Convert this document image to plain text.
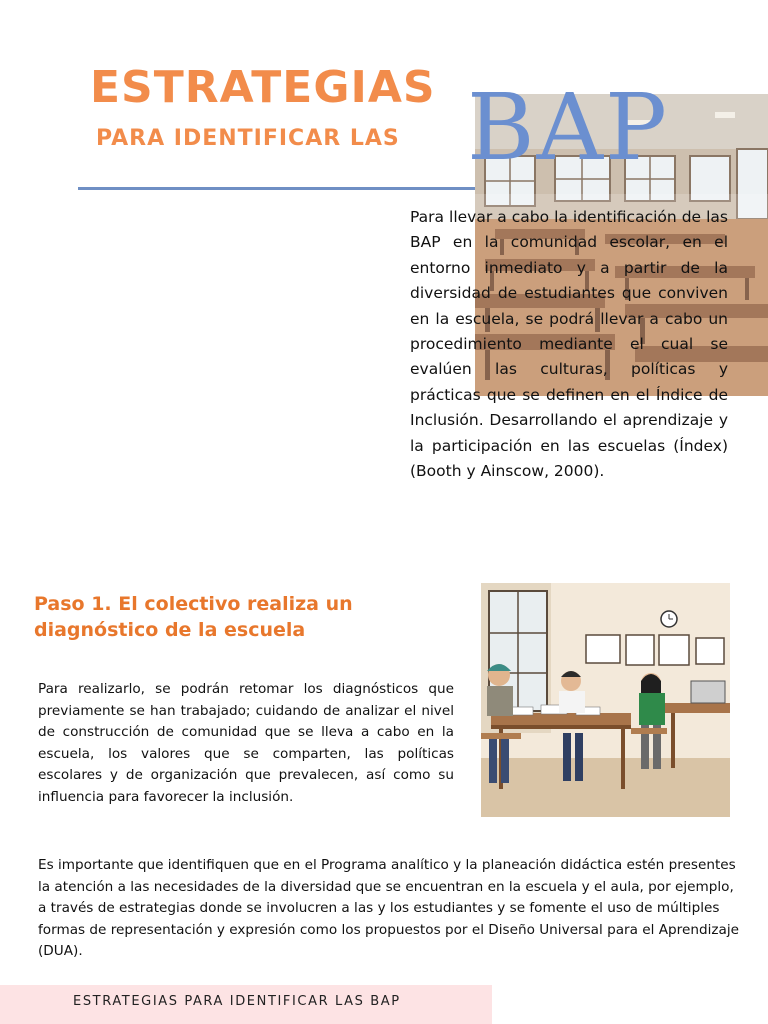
ESTRATEGIAS
PARA IDENTIFICAR LAS BAP

Para llevar a cabo la identificación de las BAP en la comunidad escolar, en el entorno inmediato y a partir de la diversidad de estudiantes que conviven en la escuela, se podrá llevar a cabo un procedimiento mediante el cual se evalúen las culturas, políticas y prácticas que se definen en el Índice de Inclusión. Desarrollando el aprendizaje y la participación en las escuelas (Índex) (Booth y Ainscow, 2000).

Paso 1. El colectivo realiza un diagnóstico de la escuela

Para realizarlo, se podrán retomar los diagnósticos que previamente se han trabajado; cuidando de analizar el nivel de construcción de comunidad que se lleva a cabo en la escuela, los valores que se comparten, las políticas escolares y de organización que prevalecen, así como su influencia para favorecer la inclusión.

Es importante que identifiquen que en el Programa analítico y la planeación didáctica estén presentes la atención a las necesidades de la diversidad que se encuentran en la escuela y el aula, por ejemplo, a través de estrategias donde se involucren a las y los estudiantes y se fomente el uso de múltiples formas de representación y expresión como los propuestos por el Diseño Universal para el Aprendizaje (DUA).

ESTRATEGIAS PARA IDENTIFICAR LAS BAP
